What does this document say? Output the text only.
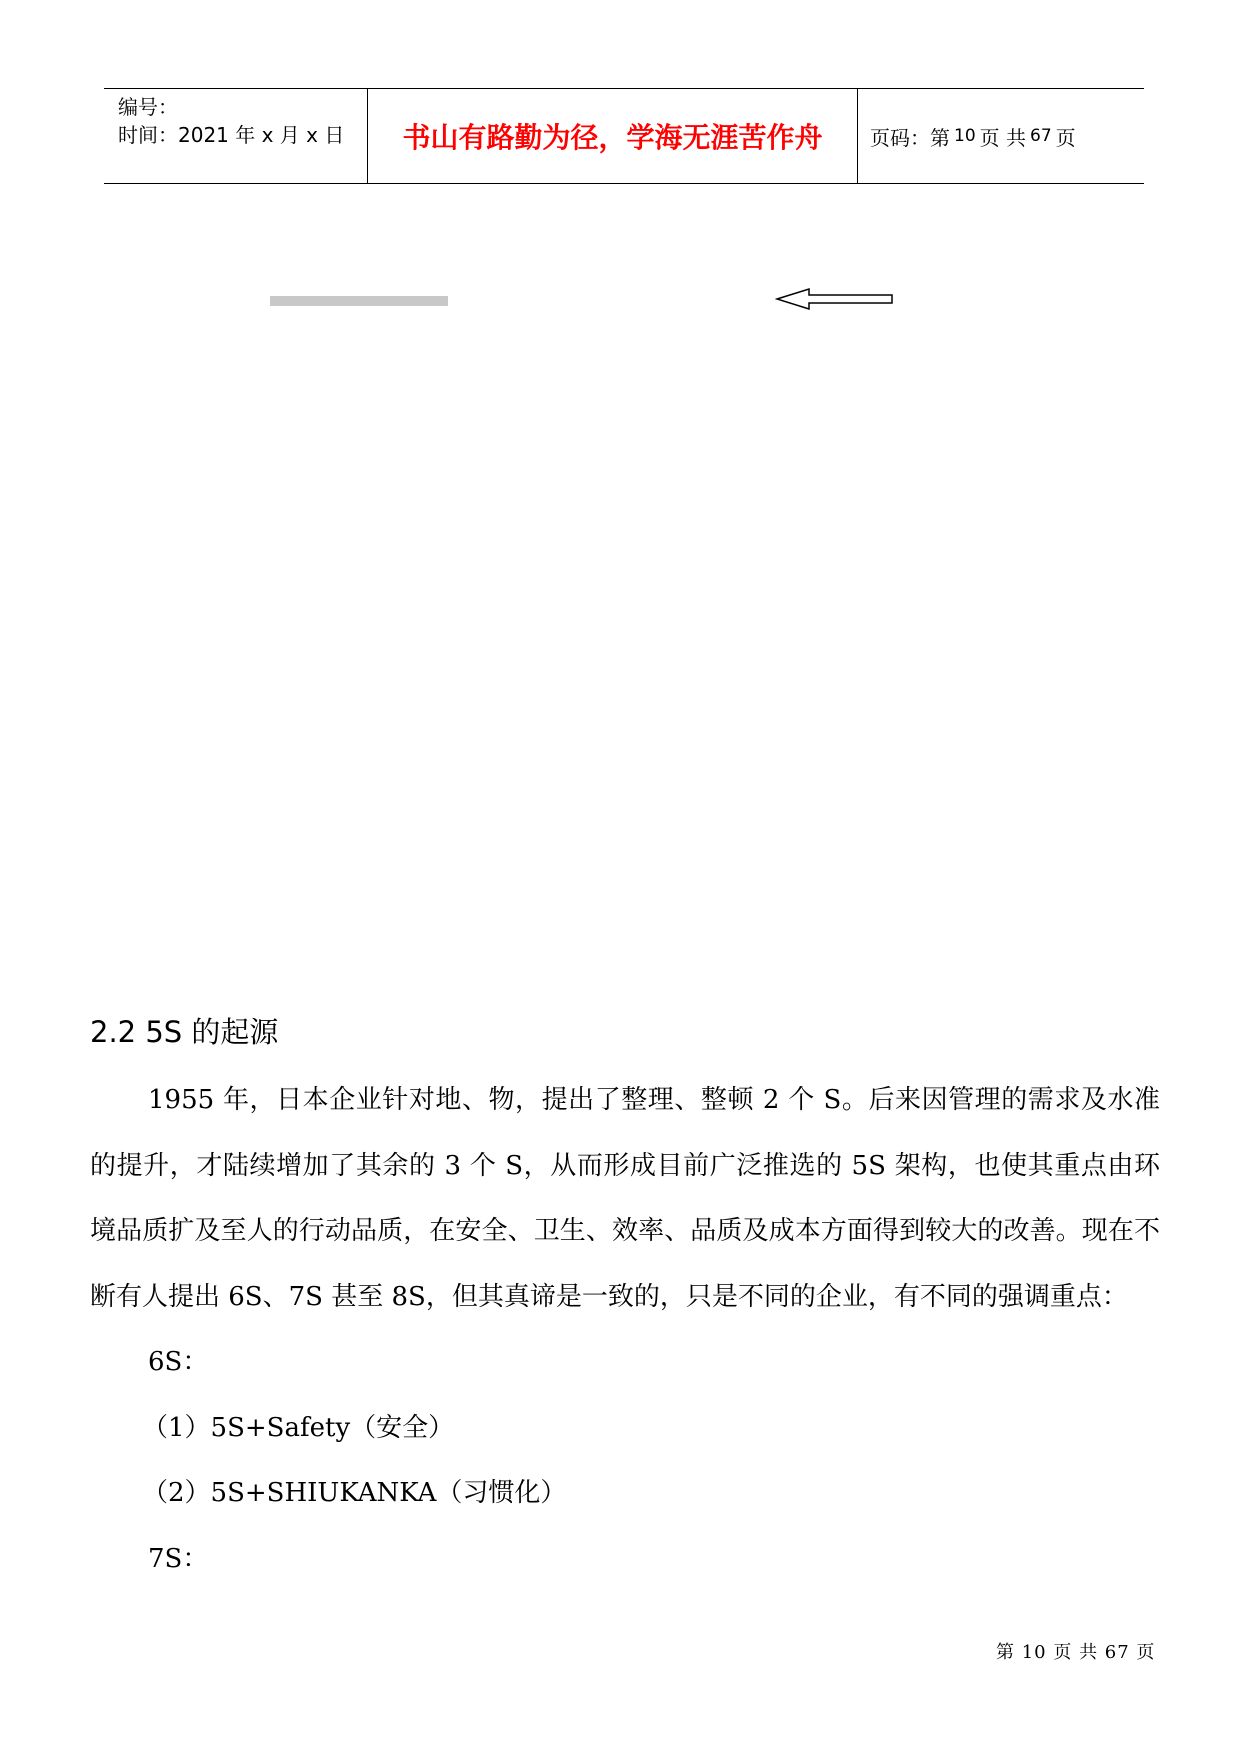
编号：
时间：2021 年 x 月 x 日	书山有路勤为径，学海无涯苦作舟	页码：第 10 页 共 67 页
2.2 5S 的起源

1955 年，日本企业针对地、物，提出了整理、整顿 2 个 S。后来因管理的需求及水准的提升，才陆续增加了其余的 3 个 S，从而形成目前广泛推选的 5S 架构，也使其重点由环境品质扩及至人的行动品质，在安全、卫生、效率、品质及成本方面得到较大的改善。现在不断有人提出 6S、7S 甚至 8S，但其真谛是一致的，只是不同的企业，有不同的强调重点：

6S：

（1）5S+Safety（安全）

（2）5S+SHIUKANKA（习惯化）

7S：

第 10 页 共 67 页
